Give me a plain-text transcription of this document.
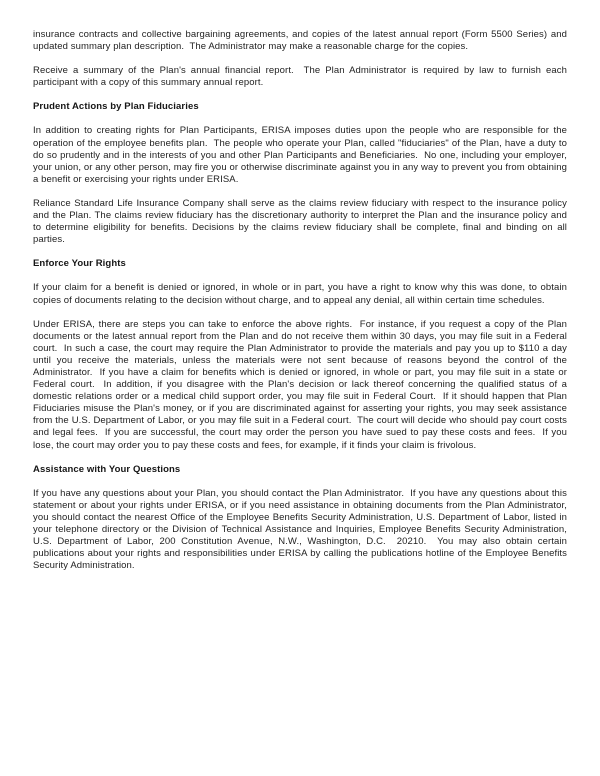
insurance contracts and collective bargaining agreements, and copies of the latest annual report (Form 5500 Series) and updated summary plan description.  The Administrator may make a reasonable charge for the copies.

Receive a summary of the Plan's annual financial report.  The Plan Administrator is required by law to furnish each participant with a copy of this summary annual report.

Prudent Actions by Plan Fiduciaries

In addition to creating rights for Plan Participants, ERISA imposes duties upon the people who are responsible for the operation of the employee benefits plan.  The people who operate your Plan, called "fiduciaries" of the Plan, have a duty to do so prudently and in the interests of you and other Plan Participants and Beneficiaries.  No one, including your employer, your union, or any other person, may fire you or otherwise discriminate against you in any way to prevent you from obtaining a benefit or exercising your rights under ERISA.

Reliance Standard Life Insurance Company shall serve as the claims review fiduciary with respect to the insurance policy and the Plan. The claims review fiduciary has the discretionary authority to interpret the Plan and the insurance policy and to determine eligibility for benefits. Decisions by the claims review fiduciary shall be complete, final and binding on all parties.

Enforce Your Rights

If your claim for a benefit is denied or ignored, in whole or in part, you have a right to know why this was done, to obtain copies of documents relating to the decision without charge, and to appeal any denial, all within certain time schedules.

Under ERISA, there are steps you can take to enforce the above rights.  For instance, if you request a copy of the Plan documents or the latest annual report from the Plan and do not receive them within 30 days, you may file suit in a Federal court.  In such a case, the court may require the Plan Administrator to provide the materials and pay you up to $110 a day until you receive the materials, unless the materials were not sent because of reasons beyond the control of the Administrator.  If you have a claim for benefits which is denied or ignored, in whole or part, you may file suit in a state or Federal court.  In addition, if you disagree with the Plan's decision or lack thereof concerning the qualified status of a domestic relations order or a medical child support order, you may file suit in Federal Court.  If it should happen that Plan Fiduciaries misuse the Plan's money, or if you are discriminated against for asserting your rights, you may seek assistance from the U.S. Department of Labor, or you may file suit in a Federal court.  The court will decide who should pay court costs and legal fees.  If you are successful, the court may order the person you have sued to pay these costs and fees.  If you lose, the court may order you to pay these costs and fees, for example, if it finds your claim is frivolous.

Assistance with Your Questions

If you have any questions about your Plan, you should contact the Plan Administrator.  If you have any questions about this statement or about your rights under ERISA, or if you need assistance in obtaining documents from the Plan Administrator, you should contact the nearest Office of the Employee Benefits Security Administration, U.S. Department of Labor, listed in your telephone directory or the Division of Technical Assistance and Inquiries, Employee Benefits Security Administration, U.S. Department of Labor, 200 Constitution Avenue, N.W., Washington, D.C.  20210.  You may also obtain certain publications about your rights and responsibilities under ERISA by calling the publications hotline of the Employee Benefits Security Administration.
